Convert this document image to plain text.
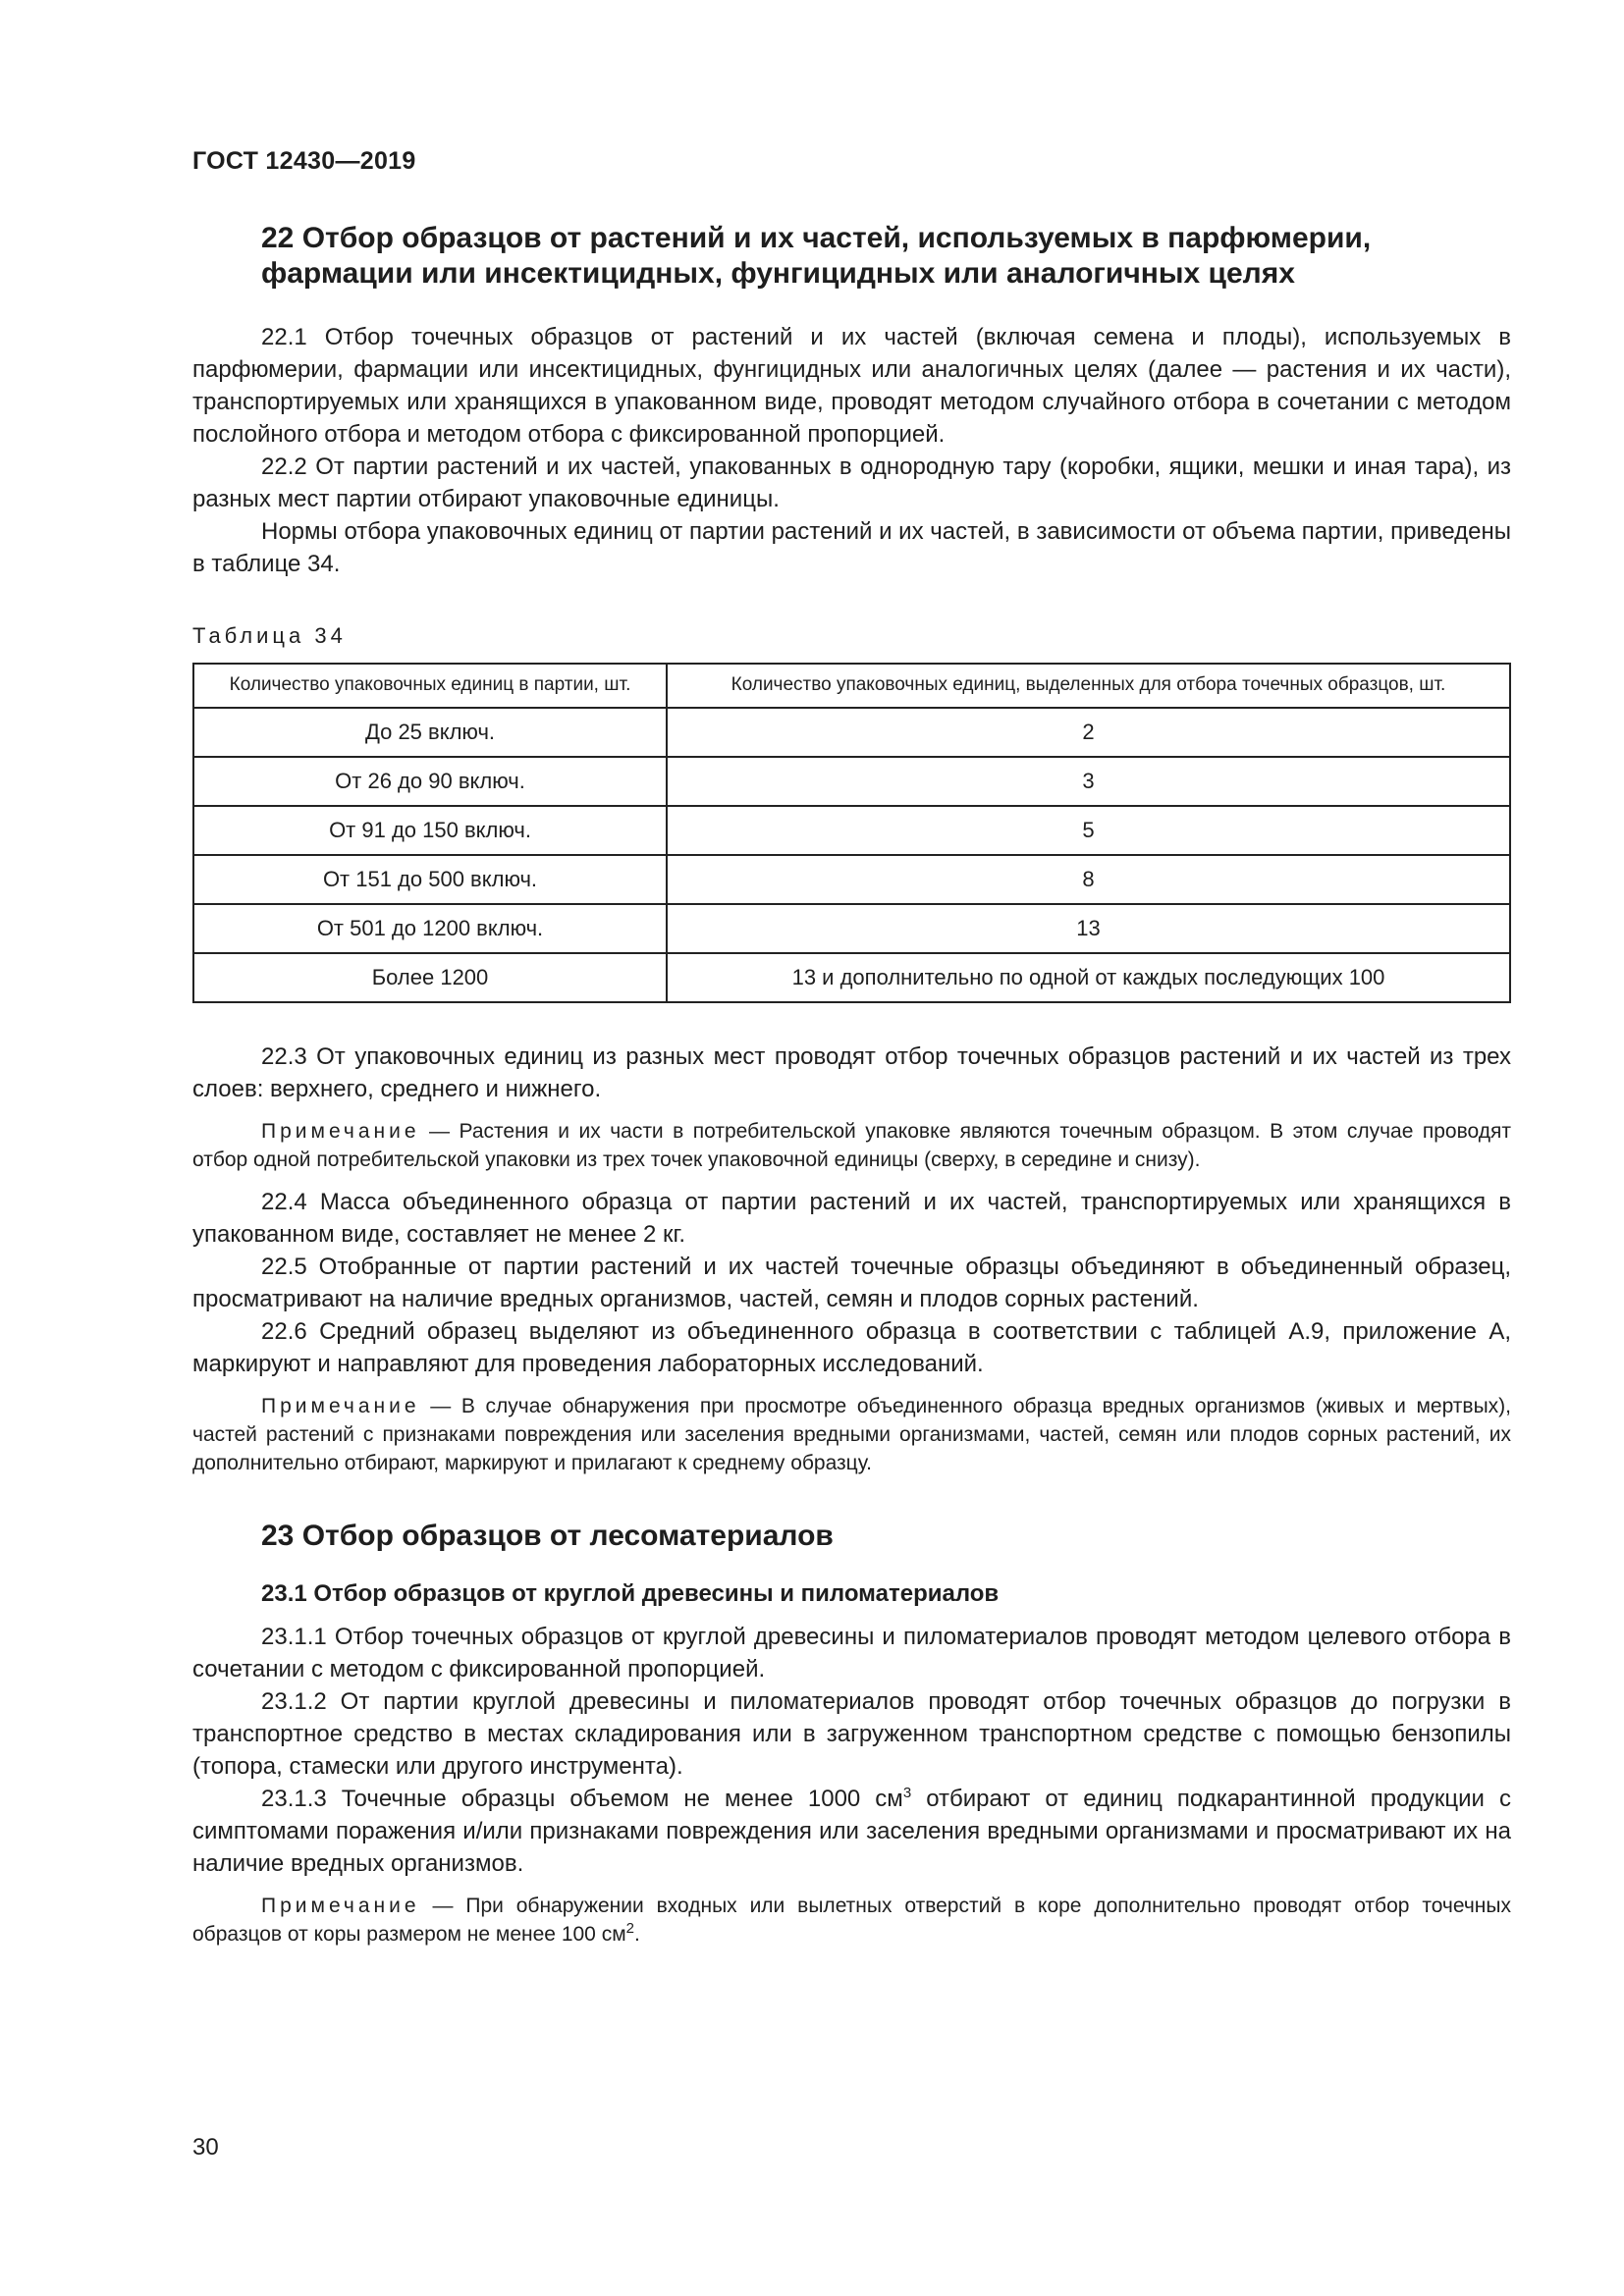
ГОСТ 12430—2019
22 Отбор образцов от растений и их частей, используемых в парфюмерии, фармации или инсектицидных, фунгицидных или аналогичных целях

22.1 Отбор точечных образцов от растений и их частей (включая семена и плоды), используемых в парфюмерии, фармации или инсектицидных, фунгицидных или аналогичных целях (далее — растения и их части), транспортируемых или хранящихся в упакованном виде, проводят методом случайного отбора в сочетании с методом послойного отбора и методом отбора с фиксированной пропорцией.

22.2 От партии растений и их частей, упакованных в однородную тару (коробки, ящики, мешки и иная тара), из разных мест партии отбирают упаковочные единицы.

Нормы отбора упаковочных единиц от партии растений и их частей, в зависимости от объема партии, приведены в таблице 34.

Таблица 34
Количество упаковочных единиц в партии, шт.	Количество упаковочных единиц, выделенных для отбора точечных образцов, шт.
До 25 включ.	2
От 26 до 90 включ.	3
От 91 до 150 включ.	5
От 151 до 500 включ.	8
От 501 до 1200 включ.	13
Более 1200	13 и дополнительно по одной от каждых последующих 100

22.3 От упаковочных единиц из разных мест проводят отбор точечных образцов растений и их частей из трех слоев: верхнего, среднего и нижнего.

Примечание — Растения и их части в потребительской упаковке являются точечным образцом. В этом случае проводят отбор одной потребительской упаковки из трех точек упаковочной единицы (сверху, в середине и снизу).

22.4 Масса объединенного образца от партии растений и их частей, транспортируемых или хранящихся в упакованном виде, составляет не менее 2 кг.

22.5 Отобранные от партии растений и их частей точечные образцы объединяют в объединенный образец, просматривают на наличие вредных организмов, частей, семян и плодов сорных растений.

22.6 Средний образец выделяют из объединенного образца в соответствии с таблицей А.9, приложение А, маркируют и направляют для проведения лабораторных исследований.

Примечание — В случае обнаружения при просмотре объединенного образца вредных организмов (живых и мертвых), частей растений с признаками повреждения или заселения вредными организмами, частей, семян или плодов сорных растений, их дополнительно отбирают, маркируют и прилагают к среднему образцу.

23 Отбор образцов от лесоматериалов
23.1 Отбор образцов от круглой древесины и пиломатериалов

23.1.1 Отбор точечных образцов от круглой древесины и пиломатериалов проводят методом целевого отбора в сочетании с методом с фиксированной пропорцией.

23.1.2 От партии круглой древесины и пиломатериалов проводят отбор точечных образцов до погрузки в транспортное средство в местах складирования или в загруженном транспортном средстве с помощью бензопилы (топора, стамески или другого инструмента).

23.1.3 Точечные образцы объемом не менее 1000 $см^3$ отбирают от единиц подкарантинной продукции с симптомами поражения и/или признаками повреждения или заселения вредными организмами и просматривают их на наличие вредных организмов.

Примечание — При обнаружении входных или вылетных отверстий в коре дополнительно проводят отбор точечных образцов от коры размером не менее 100 $см^2$.

30
